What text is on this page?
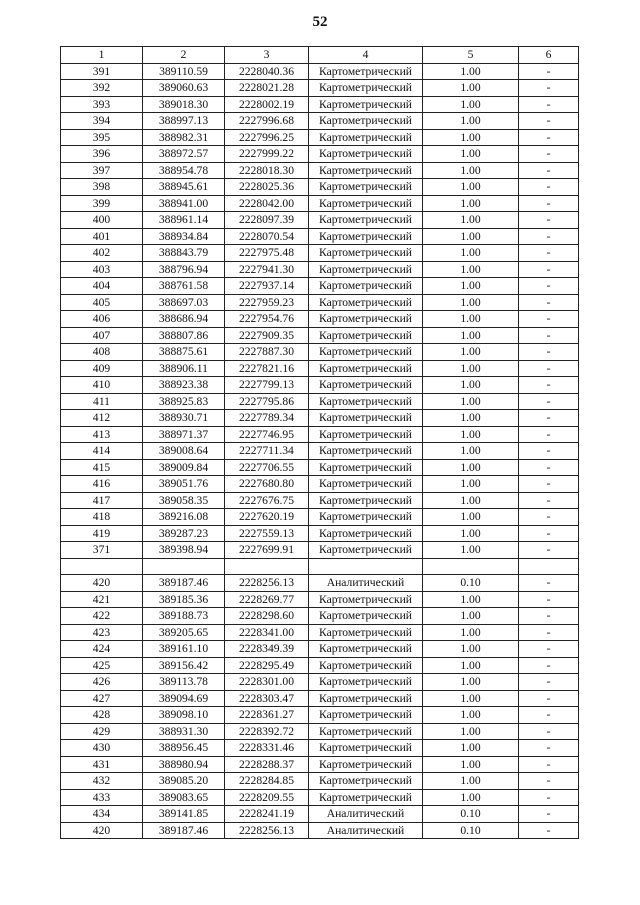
52
1	2	3	4	5	6
391	389110.59	2228040.36	Картометрический	1.00	-
392	389060.63	2228021.28	Картометрический	1.00	-
393	389018.30	2228002.19	Картометрический	1.00	-
394	388997.13	2227996.68	Картометрический	1.00	-
395	388982.31	2227996.25	Картометрический	1.00	-
396	388972.57	2227999.22	Картометрический	1.00	-
397	388954.78	2228018.30	Картометрический	1.00	-
398	388945.61	2228025.36	Картометрический	1.00	-
399	388941.00	2228042.00	Картометрический	1.00	-
400	388961.14	2228097.39	Картометрический	1.00	-
401	388934.84	2228070.54	Картометрический	1.00	-
402	388843.79	2227975.48	Картометрический	1.00	-
403	388796.94	2227941.30	Картометрический	1.00	-
404	388761.58	2227937.14	Картометрический	1.00	-
405	388697.03	2227959.23	Картометрический	1.00	-
406	388686.94	2227954.76	Картометрический	1.00	-
407	388807.86	2227909.35	Картометрический	1.00	-
408	388875.61	2227887.30	Картометрический	1.00	-
409	388906.11	2227821.16	Картометрический	1.00	-
410	388923.38	2227799.13	Картометрический	1.00	-
411	388925.83	2227795.86	Картометрический	1.00	-
412	388930.71	2227789.34	Картометрический	1.00	-
413	388971.37	2227746.95	Картометрический	1.00	-
414	389008.64	2227711.34	Картометрический	1.00	-
415	389009.84	2227706.55	Картометрический	1.00	-
416	389051.76	2227680.80	Картометрический	1.00	-
417	389058.35	2227676.75	Картометрический	1.00	-
418	389216.08	2227620.19	Картометрический	1.00	-
419	389287.23	2227559.13	Картометрический	1.00	-
371	389398.94	2227699.91	Картометрический	1.00	-

420	389187.46	2228256.13	Аналитический	0.10	-
421	389185.36	2228269.77	Картометрический	1.00	-
422	389188.73	2228298.60	Картометрический	1.00	-
423	389205.65	2228341.00	Картометрический	1.00	-
424	389161.10	2228349.39	Картометрический	1.00	-
425	389156.42	2228295.49	Картометрический	1.00	-
426	389113.78	2228301.00	Картометрический	1.00	-
427	389094.69	2228303.47	Картометрический	1.00	-
428	389098.10	2228361.27	Картометрический	1.00	-
429	388931.30	2228392.72	Картометрический	1.00	-
430	388956.45	2228331.46	Картометрический	1.00	-
431	388980.94	2228288.37	Картометрический	1.00	-
432	389085.20	2228284.85	Картометрический	1.00	-
433	389083.65	2228209.55	Картометрический	1.00	-
434	389141.85	2228241.19	Аналитический	0.10	-
420	389187.46	2228256.13	Аналитический	0.10	-
